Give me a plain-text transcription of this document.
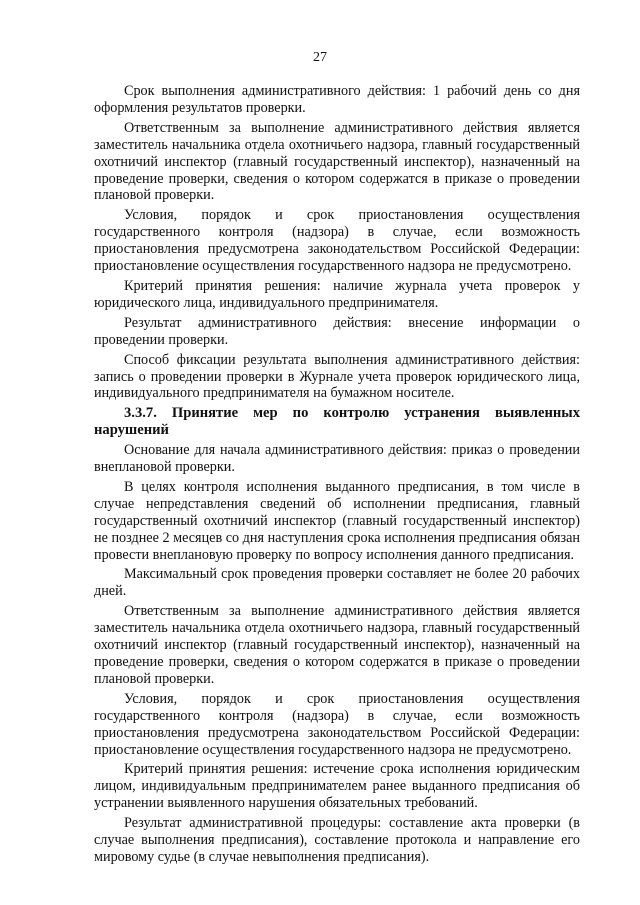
27

Срок выполнения административного действия: 1 рабочий день со дня оформления результатов проверки.

Ответственным за выполнение административного действия является заместитель начальника отдела охотничьего надзора, главный государственный охотничий инспектор (главный государственный инспектор), назначенный на проведение проверки, сведения о котором содержатся в приказе о проведении плановой проверки.

Условия, порядок и срок приостановления осуществления государственного контроля (надзора) в случае, если возможность приостановления предусмотрена законодательством Российской Федерации: приостановление осуществления государственного надзора не предусмотрено.

Критерий принятия решения: наличие журнала учета проверок у юридического лица, индивидуального предпринимателя.

Результат административного действия: внесение информации о проведении проверки.

Способ фиксации результата выполнения административного действия: запись о проведении проверки в Журнале учета проверок юридического лица, индивидуального предпринимателя на бумажном носителе.

3.3.7. Принятие мер по контролю устранения выявленных нарушений

Основание для начала административного действия: приказ о проведении внеплановой проверки.

В целях контроля исполнения выданного предписания, в том числе в случае непредставления сведений об исполнении предписания, главный государственный охотничий инспектор (главный государственный инспектор) не позднее 2 месяцев со дня наступления срока исполнения предписания обязан провести внеплановую проверку по вопросу исполнения данного предписания.

Максимальный срок проведения проверки составляет не более 20 рабочих дней.

Ответственным за выполнение административного действия является заместитель начальника отдела охотничьего надзора, главный государственный охотничий инспектор (главный государственный инспектор), назначенный на проведение проверки, сведения о котором содержатся в приказе о проведении плановой проверки.

Условия, порядок и срок приостановления осуществления государственного контроля (надзора) в случае, если возможность приостановления предусмотрена законодательством Российской Федерации: приостановление осуществления государственного надзора не предусмотрено.

Критерий принятия решения: истечение срока исполнения юридическим лицом, индивидуальным предпринимателем ранее выданного предписания об устранении выявленного нарушения обязательных требований.

Результат административной процедуры: составление акта проверки (в случае выполнения предписания), составление протокола и направление его мировому судье (в случае невыполнения предписания).
